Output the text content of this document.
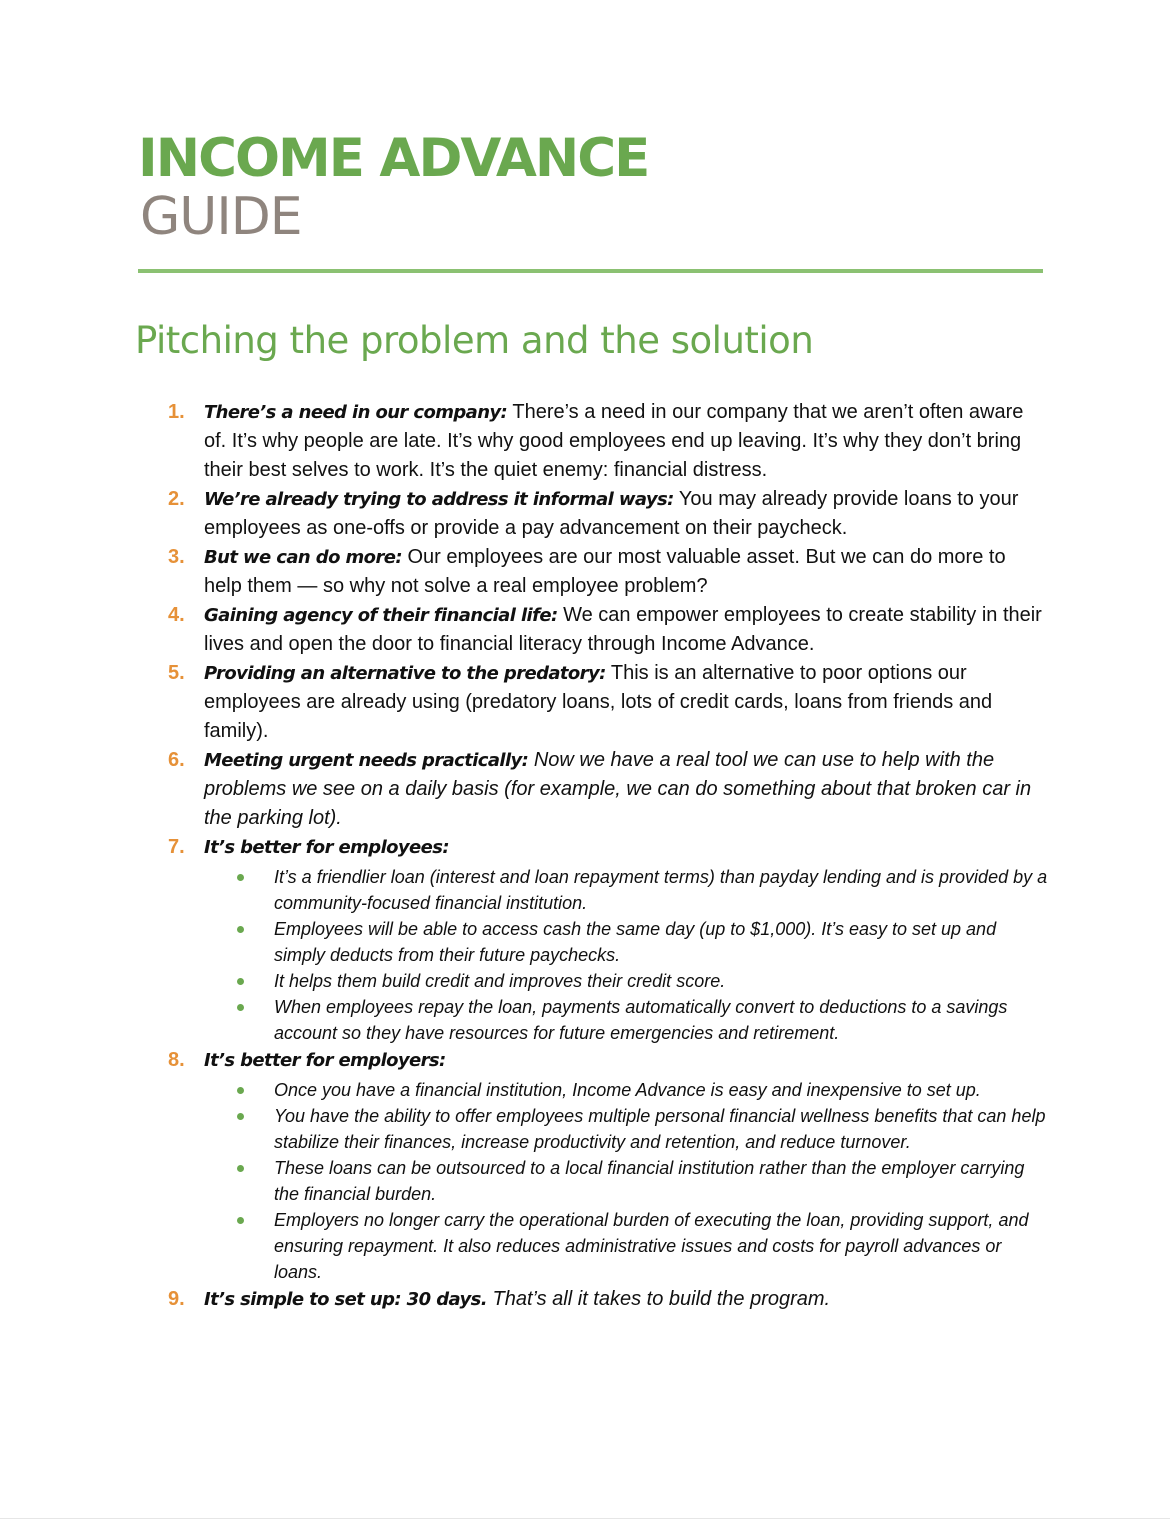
INCOME ADVANCE
GUIDE
Pitching the problem and the solution
1. There’s a need in our company: There’s a need in our company that we aren’t often aware of. It’s why people are late. It’s why good employees end up leaving. It’s why they don’t bring their best selves to work. It’s the quiet enemy: financial distress.
2. We’re already trying to address it informal ways: You may already provide loans to your employees as one-offs or provide a pay advancement on their paycheck.
3. But we can do more: Our employees are our most valuable asset. But we can do more to help them — so why not solve a real employee problem?
4. Gaining agency of their financial life: We can empower employees to create stability in their lives and open the door to financial literacy through Income Advance.
5. Providing an alternative to the predatory: This is an alternative to poor options our employees are already using (predatory loans, lots of credit cards, loans from friends and family).
6. Meeting urgent needs practically: Now we have a real tool we can use to help with the problems we see on a daily basis (for example, we can do something about that broken car in the parking lot).
7. It’s better for employees:
It’s a friendlier loan (interest and loan repayment terms) than payday lending and is provided by a community-focused financial institution.
Employees will be able to access cash the same day (up to $1,000). It’s easy to set up and simply deducts from their future paychecks.
It helps them build credit and improves their credit score.
When employees repay the loan, payments automatically convert to deductions to a savings account so they have resources for future emergencies and retirement.
8. It’s better for employers:
Once you have a financial institution, Income Advance is easy and inexpensive to set up.
You have the ability to offer employees multiple personal financial wellness benefits that can help stabilize their finances, increase productivity and retention, and reduce turnover.
These loans can be outsourced to a local financial institution rather than the employer carrying the financial burden.
Employers no longer carry the operational burden of executing the loan, providing support, and ensuring repayment. It also reduces administrative issues and costs for payroll advances or loans.
9. It’s simple to set up: 30 days. That’s all it takes to build the program.
